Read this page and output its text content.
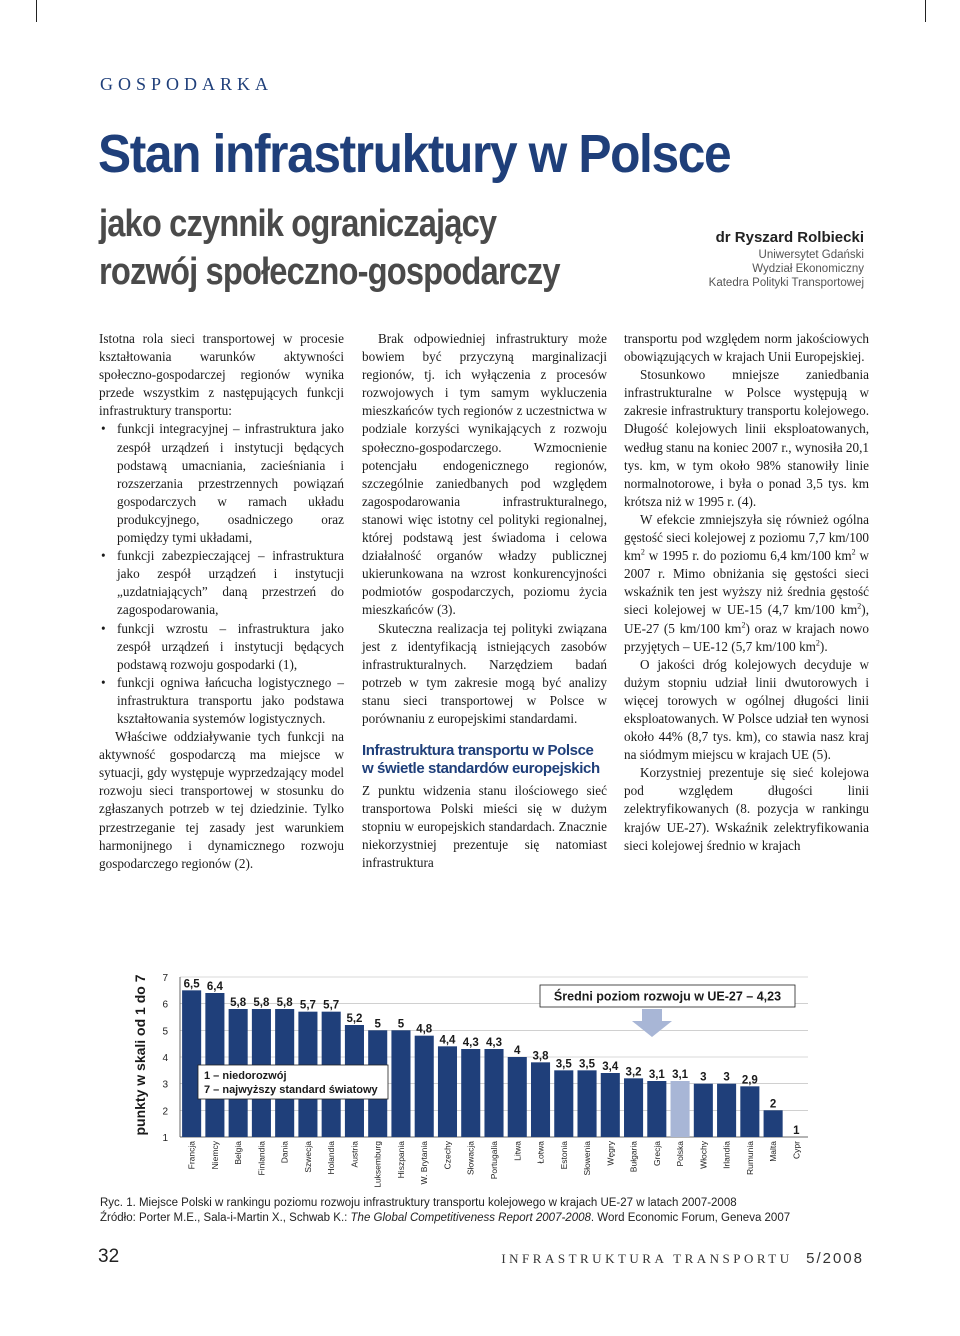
GOSPODARKA

Stan infrastruktury w Polsce
jako czynnik ograniczający
rozwój społeczno-gospodarczy
dr Ryszard Rolbiecki
Uniwersytet Gdański
Wydział Ekonomiczny
Katedra Polityki Transportowej

Istotna rola sieci transportowej w procesie kształtowania warunków aktywności społeczno-gospodarczej regionów wynika przede wszystkim z następujących funkcji infrastruktury transportu:

• funkcji integracyjnej – infrastruktura jako zespół urządzeń i instytucji będących podstawą umacniania, zacieśniania i rozszerzania przestrzennych powiązań gospodarczych w ramach układu produkcyjnego, osadniczego oraz pomiędzy tymi układami,
• funkcji zabezpieczającej – infrastruktura jako zespół urządzeń i instytucji „uzdatniających” daną przestrzeń do zagospodarowania,
• funkcji wzrostu – infrastruktura jako zespół urządzeń i instytucji będących podstawą rozwoju gospodarki (1),
• funkcji ogniwa łańcucha logistycznego – infrastruktura transportu jako podstawa kształtowania systemów logistycznych.

Właściwe oddziaływanie tych funkcji na aktywność gospodarczą ma miejsce w sytuacji, gdy występuje wyprzedzający model rozwoju sieci transportowej w stosunku do zgłaszanych potrzeb w tej dziedzinie. Tylko przestrzeganie tej zasady jest warunkiem harmonijnego i dynamicznego rozwoju gospodarczego regionów (2).

Brak odpowiedniej infrastruktury może bowiem być przyczyną marginalizacji regionów, tj. ich wyłączenia z procesów rozwojowych i tym samym wykluczenia mieszkańców tych regionów z uczestnictwa w podziale korzyści wynikających z rozwoju społeczno-gospodarczego. Wzmocnienie potencjału endogenicznego regionów, szczególnie zaniedbanych pod względem zagospodarowania infrastrukturalnego, stanowi więc istotny cel polityki regionalnej, której podstawą jest świadoma i celowa działalność organów władzy publicznej ukierunkowana na wzrost konkurencyjności podmiotów gospodarczych, poziomu życia mieszkańców (3).

Skuteczna realizacja tej polityki związana jest z identyfikacją istniejących zasobów infrastrukturalnych. Narzędziem badań potrzeb w tym zakresie mogą być analizy stanu sieci transportowej w Polsce w porównaniu z europejskimi standardami.

Infrastruktura transportu w Polsce w świetle standardów europejskich

Z punktu widzenia stanu ilościowego sieć transportowa Polski mieści się w dużym stopniu w europejskich standardach. Znacznie niekorzystniej prezentuje się natomiast infrastruktura

transportu pod względem norm jakościowych obowiązujących w krajach Unii Europejskiej.

Stosunkowo mniejsze zaniedbania infrastrukturalne w Polsce występują w zakresie infrastruktury transportu kolejowego. Długość kolejowych linii eksploatowanych, według stanu na koniec 2007 r., wynosiła 20,1 tys. km, w tym około 98% stanowiły linie normalnotorowe, i była o ponad 3,5 tys. km krótsza niż w 1995 r. (4).

W efekcie zmniejszyła się również ogólna gęstość sieci kolejowej z poziomu 7,7 km/100 $km^2$ w 1995 r. do poziomu 6,4 km/100 $km^2$ w 2007 r. Mimo obniżania się gęstości sieci wskaźnik ten jest wyższy niż średnia gęstość sieci kolejowej w UE-15 (4,7 km/100 $km^2$), UE-27 (5 km/100 $km^2$) oraz w krajach nowo przyjętych – UE-12 (5,7 km/100 $km^2$).

O jakości dróg kolejowych decyduje w dużym stopniu udział linii dwutorowych i więcej torowych w ogólnej długości linii eksploatowanych. W Polsce udział ten wynosi około 44% (8,7 tys. km), co stawia nasz kraj na siódmym miejscu w krajach UE (5).

Korzystniej prezentuje się sieć kolejowa pod względem długości linii zelektryfikowanych (8. pozycja w rankingu krajów UE-27). Wskaźnik zelektryfikowania sieci kolejowej średnio w krajach

punkty w skali od 1 do 7
1
2
3
4
5
6
7 6,5
Francja
6,4
Niemcy
5,8
Belgia
5,8
Finlandia
5,8
Dania
5,7
Szwecja
5,7
Holandia
5,2
Austria
5
Luksemburg
5
Hiszpania
4,8
W. Brytania
4,4
Czechy
4,3
Słowacja
4,3
Portugalia
4
Litwa
3,8
Łotwa
3,5
Estonia
3,5
Słowenia
3,4
Węgry
3,2
Bułgaria
3,1
Grecja
3,1
Polska
3
Włochy
3
Irlandia
2,9
Rumunia
2
Malta
1
Cypr
Średni poziom rozwoju w UE-27 – 4,23
1 – niedorozwój
7 – najwyższy standard światowy

Ryc. 1. Miejsce Polski w rankingu poziomu rozwoju infrastruktury transportu kolejowego w krajach UE-27 w latach 2007-2008

Źródło: Porter M.E., Sala-i-Martin X., Schwab K.: The Global Competitiveness Report 2007-2008. Word Economic Forum, Geneva 2007

32	INFRASTRUKTURA TRANSPORTU 5/2008
